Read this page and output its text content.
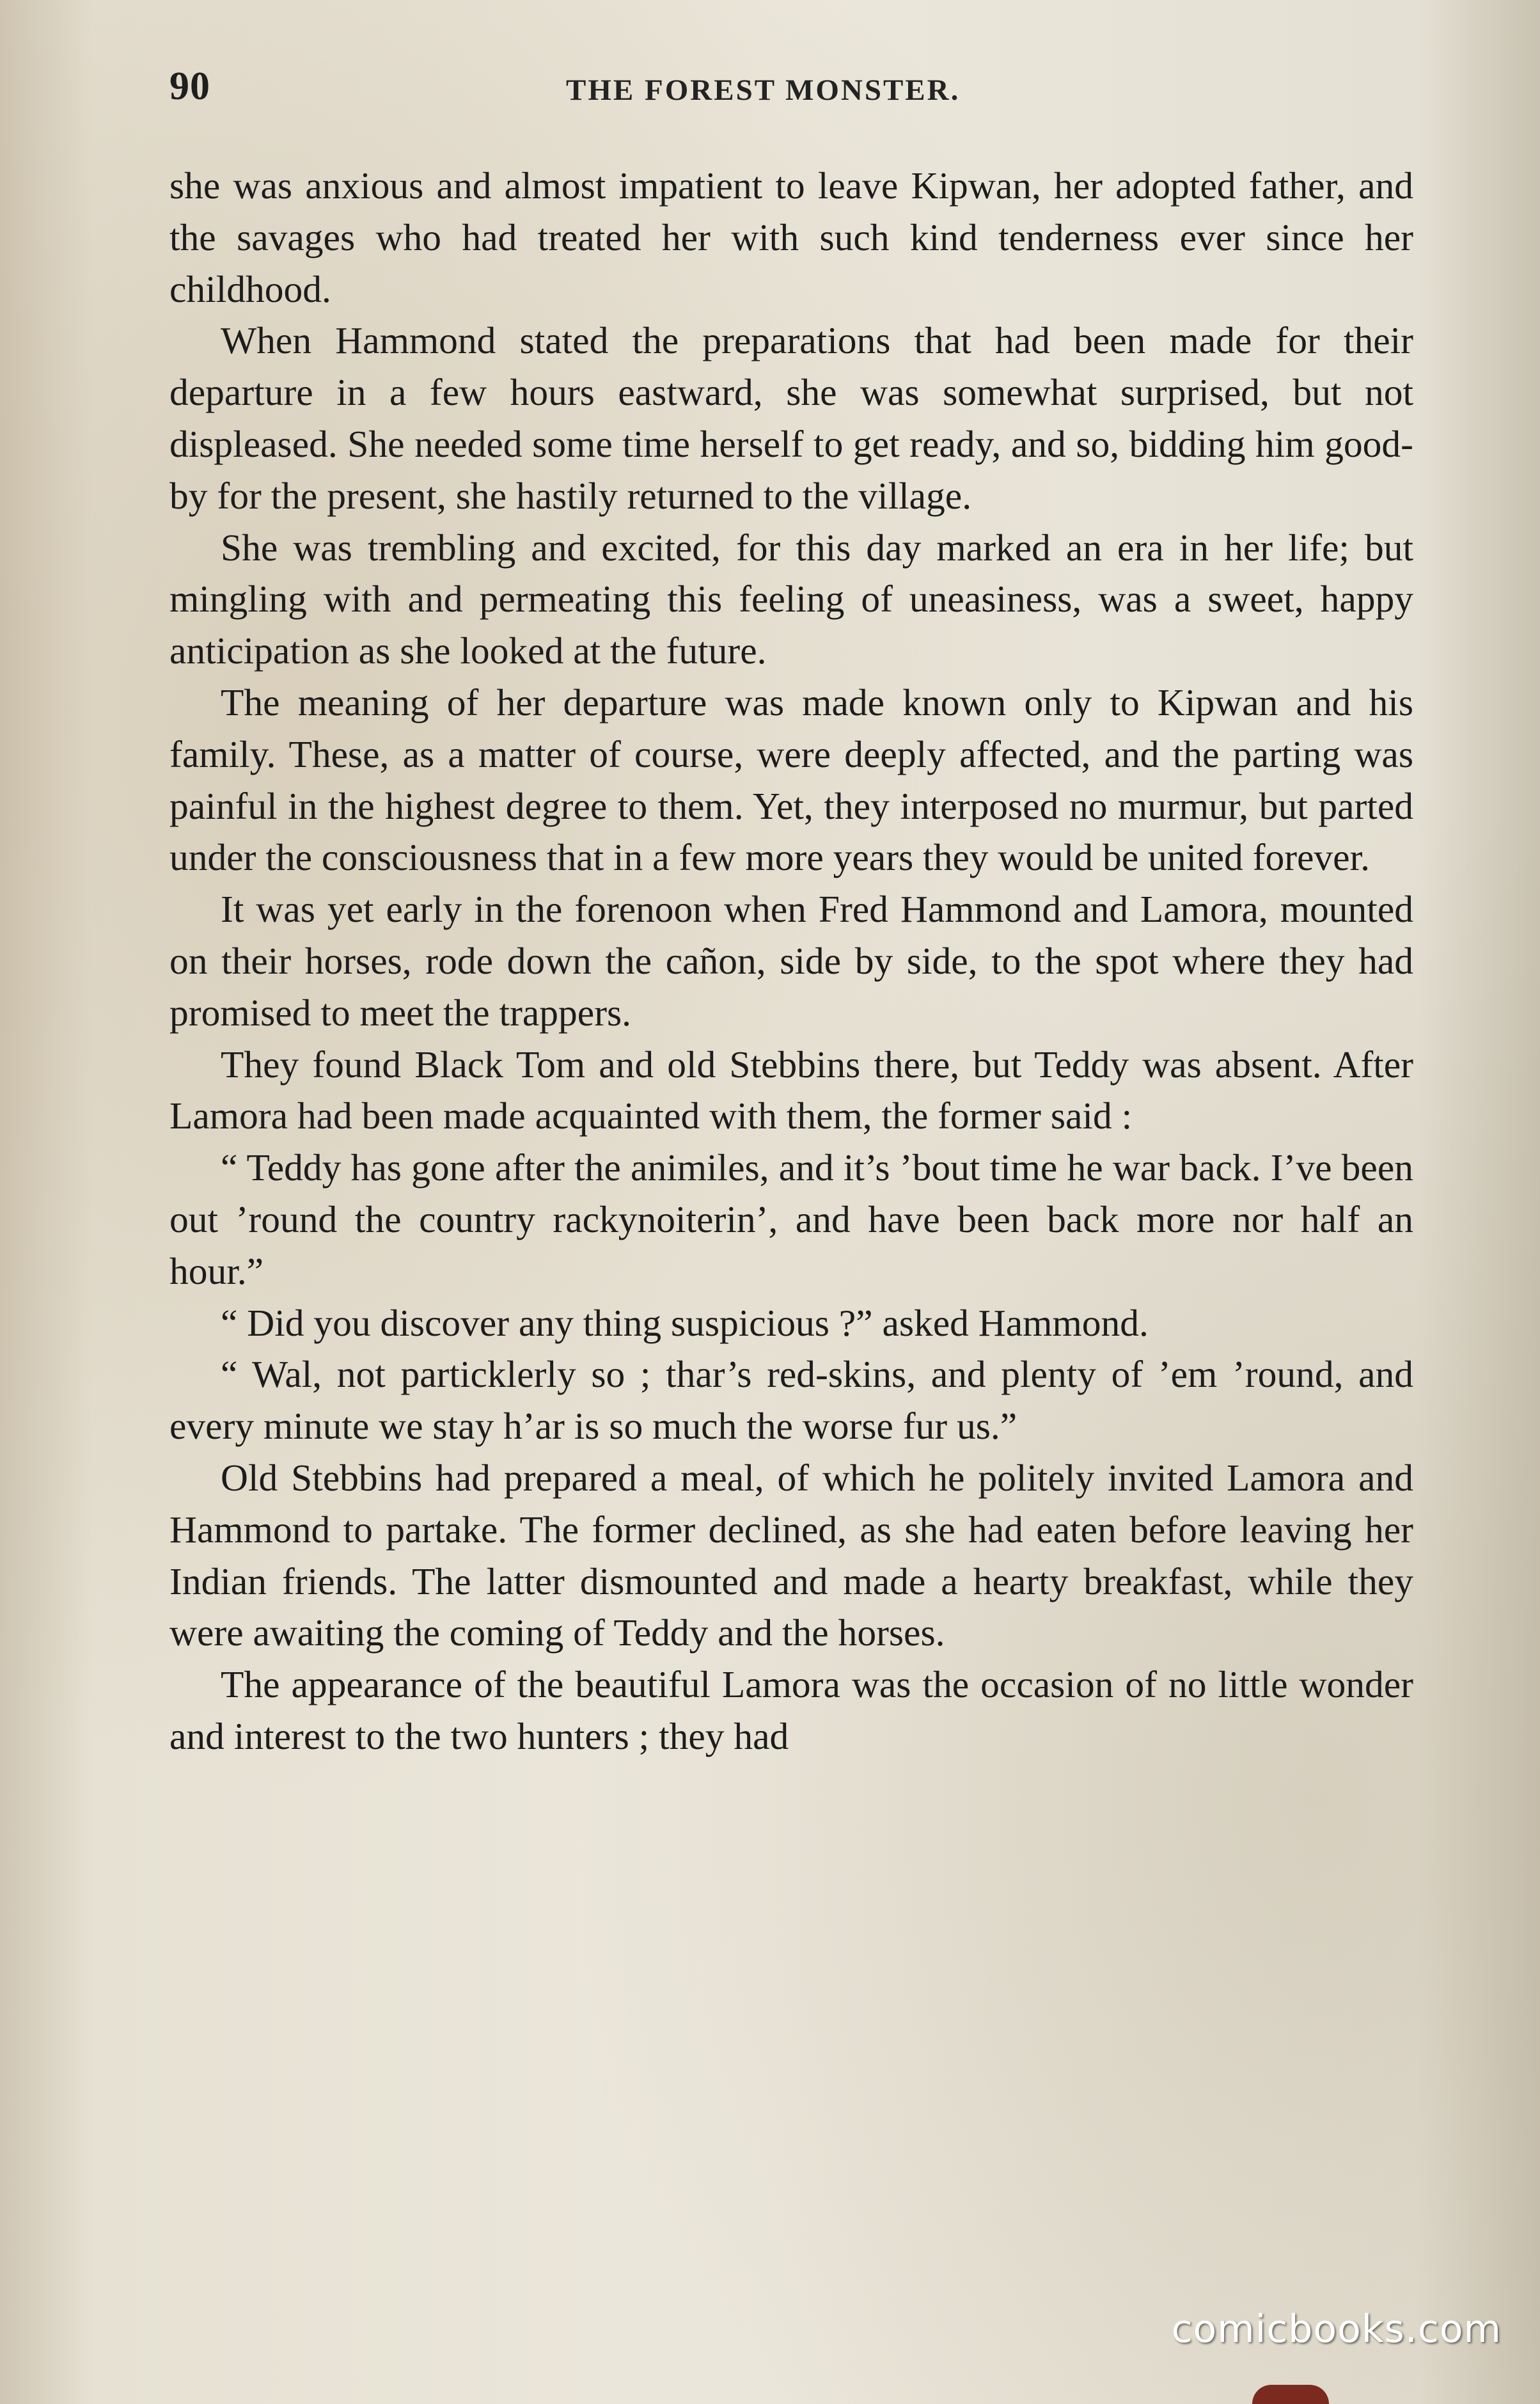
90	THE FOREST MONSTER.

she was anxious and almost impatient to leave Kipwan, her adopted father, and the savages who had treated her with such kind tenderness ever since her childhood.

When Hammond stated the preparations that had been made for their departure in a few hours eastward, she was somewhat surprised, but not displeased. She needed some time herself to get ready, and so, bidding him good-by for the present, she hastily returned to the village.

She was trembling and excited, for this day marked an era in her life; but mingling with and permeating this feeling of uneasiness, was a sweet, happy anticipation as she looked at the future.

The meaning of her departure was made known only to Kipwan and his family. These, as a matter of course, were deeply affected, and the parting was painful in the highest degree to them. Yet, they interposed no murmur, but parted under the consciousness that in a few more years they would be united forever.

It was yet early in the forenoon when Fred Hammond and Lamora, mounted on their horses, rode down the cañon, side by side, to the spot where they had promised to meet the trappers.

They found Black Tom and old Stebbins there, but Teddy was absent. After Lamora had been made acquainted with them, the former said :

“ Teddy has gone after the animiles, and it’s ’bout time he war back. I’ve been out ’round the country rackynoiterin’, and have been back more nor half an hour.”

“ Did you discover any thing suspicious ?” asked Hammond.

“ Wal, not particklerly so ; thar’s red-skins, and plenty of ’em ’round, and every minute we stay h’ar is so much the worse fur us.”

Old Stebbins had prepared a meal, of which he politely invited Lamora and Hammond to partake. The former declined, as she had eaten before leaving her Indian friends. The latter dismounted and made a hearty breakfast, while they were awaiting the coming of Teddy and the horses.

The appearance of the beautiful Lamora was the occasion of no little wonder and interest to the two hunters ; they had

comicbooks.com
